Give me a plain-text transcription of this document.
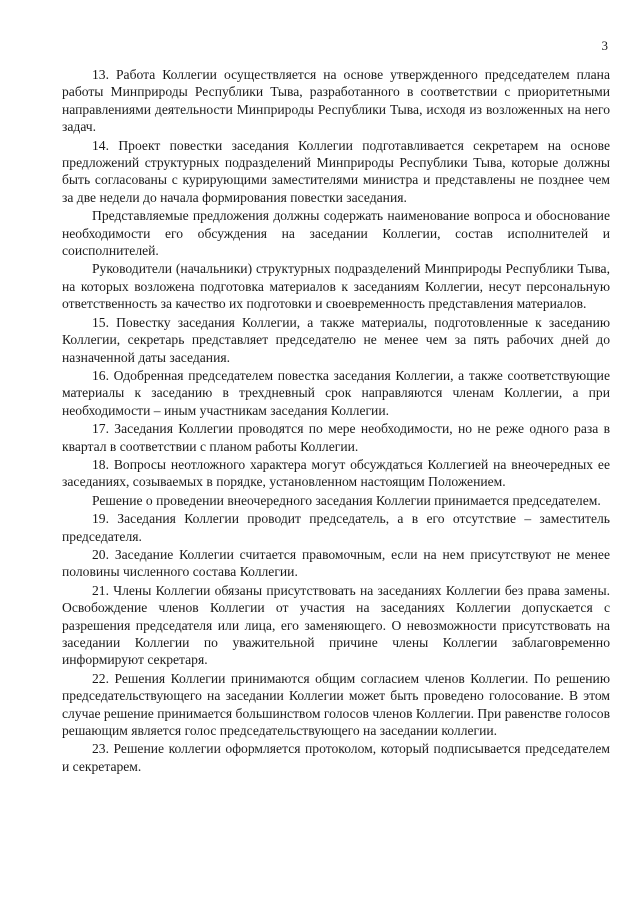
3

13. Работа Коллегии осуществляется на основе утвержденного председателем плана работы Минприроды Республики Тыва, разработанного в соответствии с приоритетными направлениями деятельности Минприроды Республики Тыва, исходя из возложенных на него задач.

14. Проект повестки заседания Коллегии подготавливается секретарем на основе предложений структурных подразделений Минприроды Республики Тыва, которые должны быть согласованы с курирующими заместителями министра и представлены не позднее чем за две недели до начала формирования повестки заседания.

Представляемые предложения должны содержать наименование вопроса и обоснование необходимости его обсуждения на заседании Коллегии, состав исполнителей и соисполнителей.

Руководители (начальники) структурных подразделений Минприроды Республики Тыва, на которых возложена подготовка материалов к заседаниям Коллегии, несут персональную ответственность за качество их подготовки и своевременность представления материалов.

15. Повестку заседания Коллегии, а также материалы, подготовленные к заседанию Коллегии, секретарь представляет председателю не менее чем за пять рабочих дней до назначенной даты заседания.

16. Одобренная председателем повестка заседания Коллегии, а также соответствующие материалы к заседанию в трехдневный срок направляются членам Коллегии, а при необходимости – иным участникам заседания Коллегии.

17. Заседания Коллегии проводятся по мере необходимости, но не реже одного раза в квартал в соответствии с планом работы Коллегии.

18. Вопросы неотложного характера могут обсуждаться Коллегией на внеочередных ее заседаниях, созываемых в порядке, установленном настоящим Положением.

Решение о проведении внеочередного заседания Коллегии принимается председателем.

19. Заседания Коллегии проводит председатель, а в его отсутствие – заместитель председателя.

20. Заседание Коллегии считается правомочным, если на нем присутствуют не менее половины численного состава Коллегии.

21. Члены Коллегии обязаны присутствовать на заседаниях Коллегии без права замены. Освобождение членов Коллегии от участия на заседаниях Коллегии допускается с разрешения председателя или лица, его заменяющего. О невозможности присутствовать на заседании Коллегии по уважительной причине члены Коллегии заблаговременно информируют секретаря.

22. Решения Коллегии принимаются общим согласием членов Коллегии. По решению председательствующего на заседании Коллегии может быть проведено голосование. В этом случае решение принимается большинством голосов членов Коллегии. При равенстве голосов решающим является голос председательствующего на заседании коллегии.

23. Решение коллегии оформляется протоколом, который подписывается председателем и секретарем.
